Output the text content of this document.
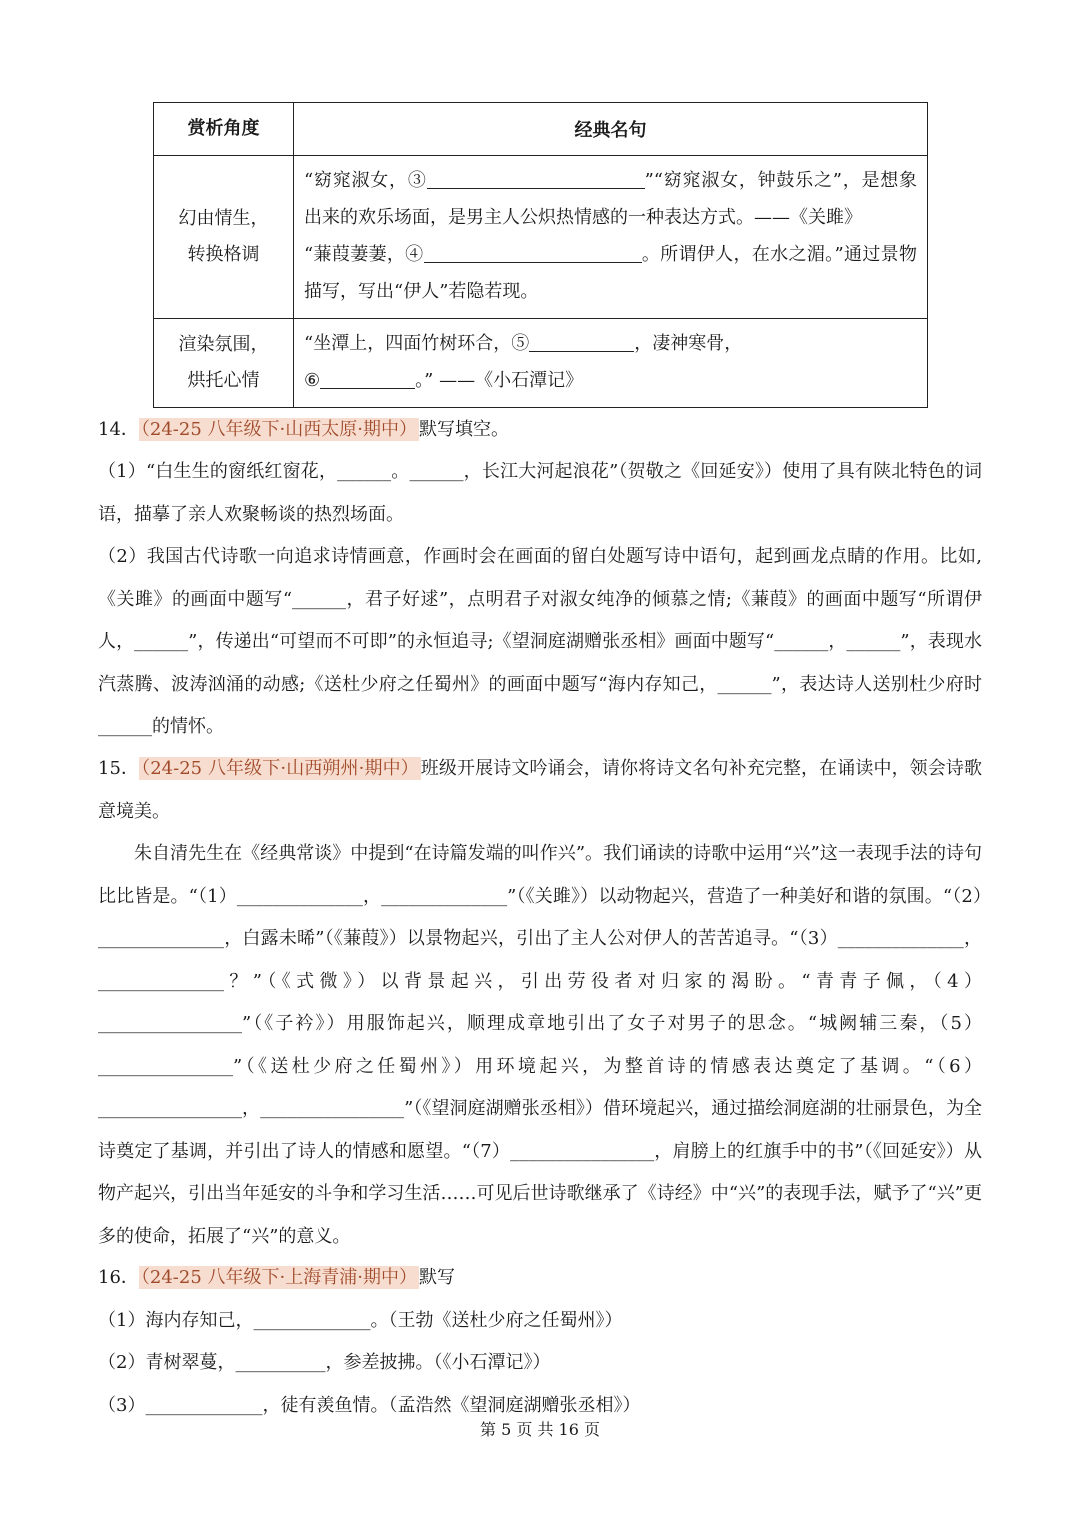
赏析角度	经典名句
幻由情生，
转换格调	“窈窕淑女，③ ”“窈窕淑女，钟鼓乐之”，是想象出来的欢乐场面，是男主人公炽热情感的一种表达方式。——《关雎》
“蒹葭萋萋，④ 。所谓伊人，在水之湄。”通过景物描写，写出“伊人”若隐若现。
渲染氛围，
烘托心情	“坐潭上，四面竹树环合，⑤ ，凄神寒骨，
⑥ 。” ——《小石潭记》

14． （24-25 八年级下·山西太原·期中） 默写填空。

（1）“白生生的窗纸红窗花，______。______，长江大河起浪花”（贺敬之《回延安》）使用了具有陕北特色的词语，描摹了亲人欢聚畅谈的热烈场面。

（2）我国古代诗歌一向追求诗情画意，作画时会在画面的留白处题写诗中语句，起到画龙点睛的作用。比如,《关雎》的画面中题写“______，君子好逑”，点明君子对淑女纯净的倾慕之情;《蒹葭》的画面中题写“所谓伊人，______”，传递出“可望而不可即”的永恒追寻;《望洞庭湖赠张丞相》画面中题写“______，______”，表现水汽蒸腾、波涛汹涌的动感;《送杜少府之任蜀州》的画面中题写“海内存知己，______”，表达诗人送别杜少府时______的情怀。

15． （24-25 八年级下·山西朔州·期中） 班级开展诗文吟诵会，请你将诗文名句补充完整，在诵读中，领会诗歌意境美。

朱自清先生在《经典常谈》中提到“在诗篇发端的叫作兴”。我们诵读的诗歌中运用“兴”这一表现手法的诗句比比皆是。“（1）______________，______________”（《关雎》）以动物起兴，营造了一种美好和谐的氛围。“（2）______________，白露未晞”（《蒹葭》）以景物起兴，引出了主人公对伊人的苦苦追寻。“（3）______________，______________？”（《式微》）以背景起兴，引出劳役者对归家的渴盼。“青青子佩，（4）________________”（《子衿》）用服饰起兴，顺理成章地引出了女子对男子的思念。“城阙辅三秦，（5）_______________”（《送杜少府之任蜀州》）用环境起兴，为整首诗的情感表达奠定了基调。“（6）________________，________________”（《望洞庭湖赠张丞相》）借环境起兴，通过描绘洞庭湖的壮丽景色，为全诗奠定了基调，并引出了诗人的情感和愿望。“（7）________________，肩膀上的红旗手中的书”（《回延安》）从物产起兴，引出当年延安的斗争和学习生活……可见后世诗歌继承了《诗经》中“兴”的表现手法，赋予了“兴”更多的使命，拓展了“兴”的意义。

16． （24-25 八年级下·上海青浦·期中） 默写

（1）海内存知己，_____________。（王勃《送杜少府之任蜀州》）

（2）青树翠蔓，__________，参差披拂。（《小石潭记》）

（3）_____________，徒有羡鱼情。（孟浩然《望洞庭湖赠张丞相》）

第 5 页 共 16 页
